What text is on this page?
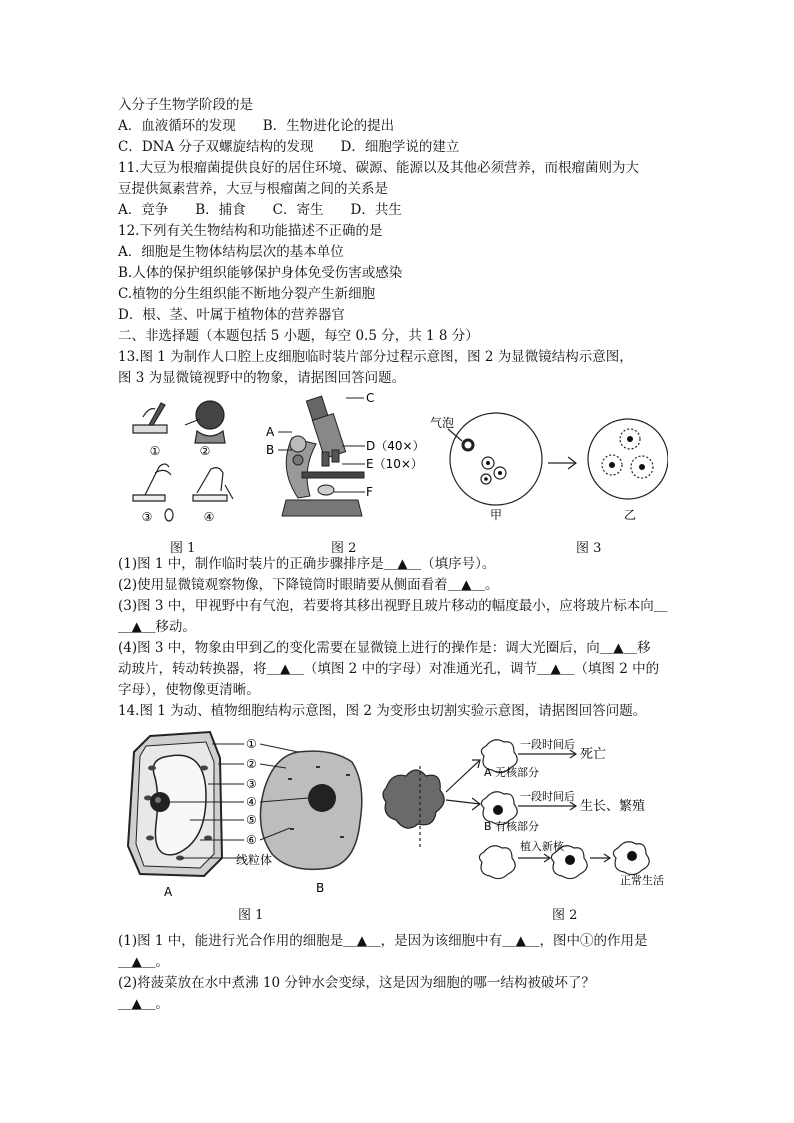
入分子生物学阶段的是
A．血液循环的发现　　B．生物进化论的提出
C．DNA 分子双螺旋结构的发现　　D．细胞学说的建立
11.大豆为根瘤菌提供良好的居住环境、碳源、能源以及其他必须营养，而根瘤菌则为大
豆提供氮素营养，大豆与根瘤菌之间的关系是
A．竞争　　B．捕食　　C．寄生　　D．共生
12.下列有关生物结构和功能描述不正确的是
A．细胞是生物体结构层次的基本单位
B.人体的保护组织能够保护身体免受伤害或感染
C.植物的分生组织能不断地分裂产生新细胞
D．根、茎、叶属于植物体的营养器官
二、非选择题（本题包括 5 小题，每空 0.5 分，共 1 8 分）
13.图 1 为制作人口腔上皮细胞临时装片部分过程示意图，图 2 为显微镜结构示意图，
图 3 为显微镜视野中的物象，请据图回答问题。
①	②
③	④
图 1
C
A
B	D（40×）
E（10×）
F
图 2
气泡
甲	乙
图 3
(1)图 1 中，制作临时装片的正确步骤排序是＿▲＿（填序号）。
(2)使用显微镜观察物像，下降镜筒时眼睛要从侧面看着＿▲＿。
(3)图 3 中，甲视野中有气泡，若要将其移出视野且玻片移动的幅度最小，应将玻片标本向＿
＿▲＿移动。
(4)图 3 中，物象由甲到乙的变化需要在显微镜上进行的操作是：调大光圈后，向＿▲＿移
动玻片，转动转换器，将＿▲＿（填图 2 中的字母）对准通光孔，调节＿▲＿（填图 2 中的
字母），使物像更清晰。
14.图 1 为动、植物细胞结构示意图，图 2 为变形虫切割实验示意图，请据图回答问题。
①
②
③
④
⑤
⑥
线粒体
A	B
图 1
一段时间后
死亡
A 无核部分
一段时间后
生长、繁殖
B 有核部分
植入新核
正常生活
图 2
(1)图 1 中，能进行光合作用的细胞是＿▲＿，是因为该细胞中有＿▲＿，图中①的作用是
＿▲＿。
(2)将菠菜放在水中煮沸 10 分钟水会变绿，这是因为细胞的哪一结构被破坏了？
＿▲＿。
